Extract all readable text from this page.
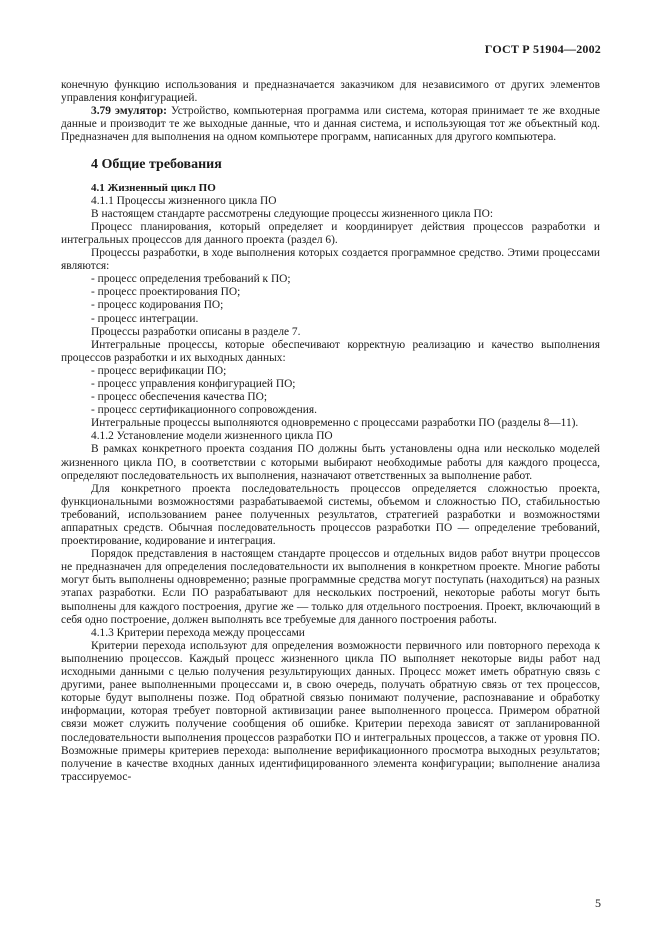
ГОСТ Р 51904—2002

конечную функцию использования и предназначается заказчиком для независимого от других элементов управления конфигурацией.

3.79 эмулятор: Устройство, компьютерная программа или система, которая принимает те же входные данные и производит те же выходные данные, что и данная система, и использующая тот же объектный код. Предназначен для выполнения на одном компьютере программ, написанных для другого компьютера.

4 Общие требования
4.1 Жизненный цикл ПО

4.1.1 Процессы жизненного цикла ПО

В настоящем стандарте рассмотрены следующие процессы жизненного цикла ПО:

Процесс планирования, который определяет и координирует действия процессов разработки и интегральных процессов для данного проекта (раздел 6).

Процессы разработки, в ходе выполнения которых создается программное средство. Этими процессами являются:

- процесс определения требований к ПО;

- процесс проектирования ПО;

- процесс кодирования ПО;

- процесс интеграции.

Процессы разработки описаны в разделе 7.

Интегральные процессы, которые обеспечивают корректную реализацию и качество выполнения процессов разработки и их выходных данных:

- процесс верификации ПО;

- процесс управления конфигурацией ПО;

- процесс обеспечения качества ПО;

- процесс сертификационного сопровождения.

Интегральные процессы выполняются одновременно с процессами разработки ПО (разделы 8—11).

4.1.2 Установление модели жизненного цикла ПО

В рамках конкретного проекта создания ПО должны быть установлены одна или несколько моделей жизненного цикла ПО, в соответствии с которыми выбирают необходимые работы для каждого процесса, определяют последовательность их выполнения, назначают ответственных за выполнение работ.

Для конкретного проекта последовательность процессов определяется сложностью проекта, функциональными возможностями разрабатываемой системы, объемом и сложностью ПО, стабильностью требований, использованием ранее полученных результатов, стратегией разработки и возможностями аппаратных средств. Обычная последовательность процессов разработки ПО — определение требований, проектирование, кодирование и интеграция.

Порядок представления в настоящем стандарте процессов и отдельных видов работ внутри процессов не предназначен для определения последовательности их выполнения в конкретном проекте. Многие работы могут быть выполнены одновременно; разные программные средства могут поступать (находиться) на разных этапах разработки. Если ПО разрабатывают для нескольких построений, некоторые работы могут быть выполнены для каждого построения, другие же — только для отдельного построения. Проект, включающий в себя одно построение, должен выполнять все требуемые для данного построения работы.

4.1.3 Критерии перехода между процессами

Критерии перехода используют для определения возможности первичного или повторного перехода к выполнению процессов. Каждый процесс жизненного цикла ПО выполняет некоторые виды работ над исходными данными с целью получения результирующих данных. Процесс может иметь обратную связь с другими, ранее выполненными процессами и, в свою очередь, получать обратную связь от тех процессов, которые будут выполнены позже. Под обратной связью понимают получение, распознавание и обработку информации, которая требует повторной активизации ранее выполненного процесса. Примером обратной связи может служить получение сообщения об ошибке. Критерии перехода зависят от запланированной последовательности выполнения процессов разработки ПО и интегральных процессов, а также от уровня ПО. Возможные примеры критериев перехода: выполнение верификационного просмотра выходных результатов; получение в качестве входных данных идентифицированного элемента конфигурации; выполнение анализа трассируемос-

5
